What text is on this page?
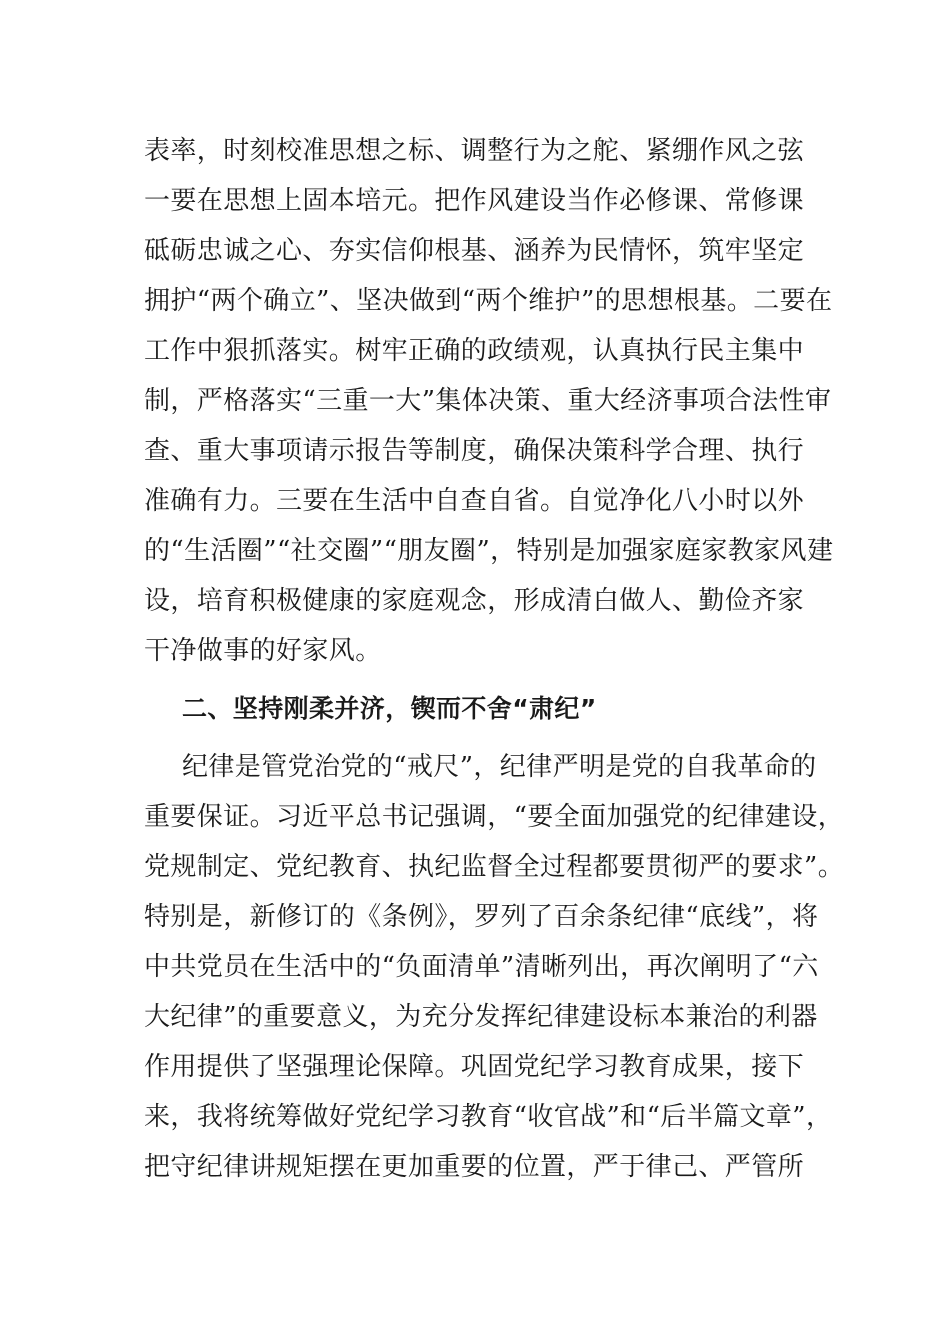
表率，时刻校准思想之标、调整行为之舵、紧绷作风之弦
一要在思想上固本培元。把作风建设当作必修课、常修课
砥砺忠诚之心、夯实信仰根基、涵养为民情怀，筑牢坚定
拥护“两个确立”、坚决做到“两个维护”的思想根基。二要在
工作中狠抓落实。树牢正确的政绩观，认真执行民主集中
制，严格落实“三重一大”集体决策、重大经济事项合法性审
查、重大事项请示报告等制度，确保决策科学合理、执行
准确有力。三要在生活中自查自省。自觉净化八小时以外
的“生活圈”“社交圈”“朋友圈”，特别是加强家庭家教家风建
设，培育积极健康的家庭观念，形成清白做人、勤俭齐家
干净做事的好家风。
二、坚持刚柔并济，锲而不舍“肃纪”
纪律是管党治党的“戒尺”，纪律严明是党的自我革命的
重要保证。习近平总书记强调，“要全面加强党的纪律建设，
党规制定、党纪教育、执纪监督全过程都要贯彻严的要求”。
特别是，新修订的《条例》，罗列了百余条纪律“底线”，将
中共党员在生活中的“负面清单”清晰列出，再次阐明了“六
大纪律”的重要意义，为充分发挥纪律建设标本兼治的利器
作用提供了坚强理论保障。巩固党纪学习教育成果，接下
来，我将统筹做好党纪学习教育“收官战”和“后半篇文章”，
把守纪律讲规矩摆在更加重要的位置，严于律己、严管所
